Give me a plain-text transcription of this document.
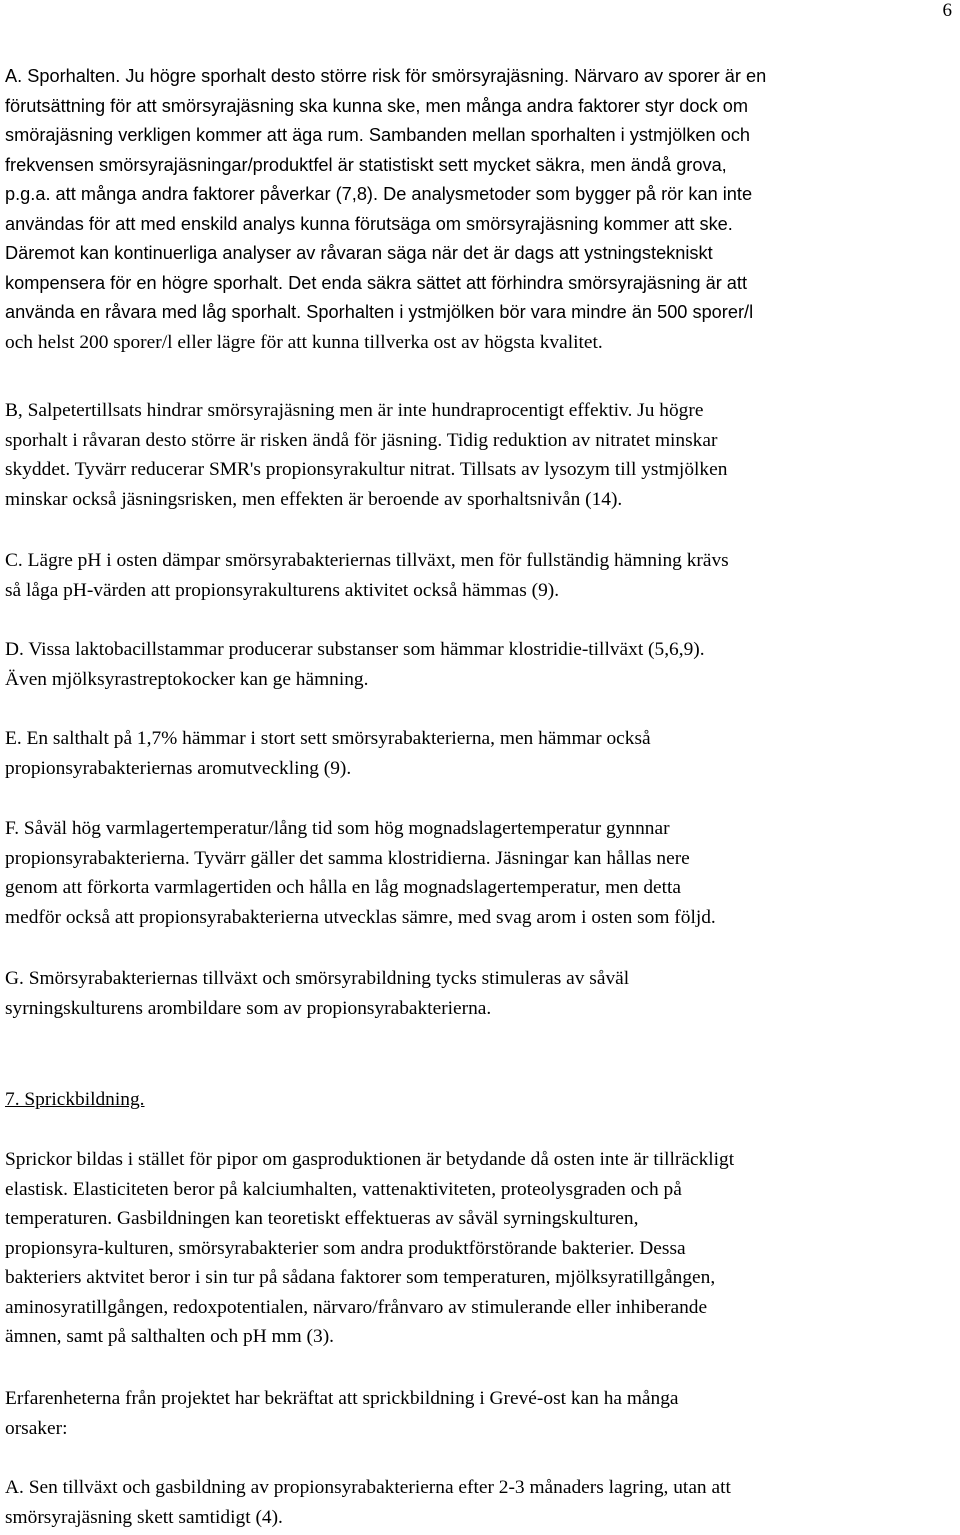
6

A. Sporhalten. Ju högre sporhalt desto större risk för smörsyrajäsning. Närvaro av sporer är en
förutsättning för att smörsyrajäsning ska kunna ske, men många andra faktorer styr dock om
smörajäsning verkligen kommer att äga rum. Sambanden mellan sporhalten i ystmjölken och
frekvensen smörsyrajäsningar/produktfel är statistiskt sett mycket säkra, men ändå grova,
p.g.a. att många andra faktorer påverkar (7,8). De analysmetoder som bygger på rör kan inte
användas för att med enskild analys kunna förutsäga om smörsyrajäsning kommer att ske.
Däremot kan kontinuerliga analyser av råvaran säga när det är dags att ystningstekniskt
kompensera för en högre sporhalt. Det enda säkra sättet att förhindra smörsyrajäsning är att
använda en råvara med låg sporhalt. Sporhalten i ystmjölken bör vara mindre än 500 sporer/l
och helst 200 sporer/l eller lägre för att kunna tillverka ost av högsta kvalitet.

B, Salpetertillsats hindrar smörsyrajäsning men är inte hundraprocentigt effektiv. Ju högre
sporhalt i råvaran desto större är risken ändå för jäsning. Tidig reduktion av nitratet minskar
skyddet. Tyvärr reducerar SMR's propionsyrakultur nitrat. Tillsats av lysozym till ystmjölken
minskar också jäsningsrisken, men effekten är beroende av sporhaltsnivån (14).

C. Lägre pH i osten dämpar smörsyrabakteriernas tillväxt, men för fullständig hämning krävs
så låga pH-värden att propionsyrakulturens aktivitet också hämmas (9).

D. Vissa laktobacillstammar producerar substanser som hämmar klostridie-tillväxt (5,6,9).
Även mjölksyrastreptokocker kan ge hämning.

E. En salthalt på 1,7% hämmar i stort sett smörsyrabakterierna, men hämmar också
propionsyrabakteriernas aromutveckling (9).

F. Såväl hög varmlagertemperatur/lång tid som hög mognadslagertemperatur gynnnar
propionsyrabakterierna. Tyvärr gäller det samma klostridierna. Jäsningar kan hållas nere
genom att förkorta varmlagertiden och hålla en låg mognadslagertemperatur, men detta
medför också att propionsyrabakterierna utvecklas sämre, med svag arom i osten som följd.

G. Smörsyrabakteriernas tillväxt och smörsyrabildning tycks stimuleras av såväl
syrningskulturens arombildare som av propionsyrabakterierna.

7. Sprickbildning.

Sprickor bildas i stället för pipor om gasproduktionen är betydande då osten inte är tillräckligt
elastisk. Elasticiteten beror på kalciumhalten, vattenaktiviteten, proteolysgraden och på
temperaturen. Gasbildningen kan teoretiskt effektueras av såväl syrningskulturen,
propionsyra-kulturen, smörsyrabakterier som andra produktförstörande bakterier. Dessa
bakteriers aktvitet beror i sin tur på sådana faktorer som temperaturen, mjölksyratillgången,
aminosyratillgången, redoxpotentialen, närvaro/frånvaro av stimulerande eller inhiberande
ämnen, samt på salthalten och pH mm (3).

Erfarenheterna från projektet har bekräftat att sprickbildning i Grevé-ost kan ha många
orsaker:

A. Sen tillväxt och gasbildning av propionsyrabakterierna efter 2-3 månaders lagring, utan att
smörsyrajäsning skett samtidigt (4).
